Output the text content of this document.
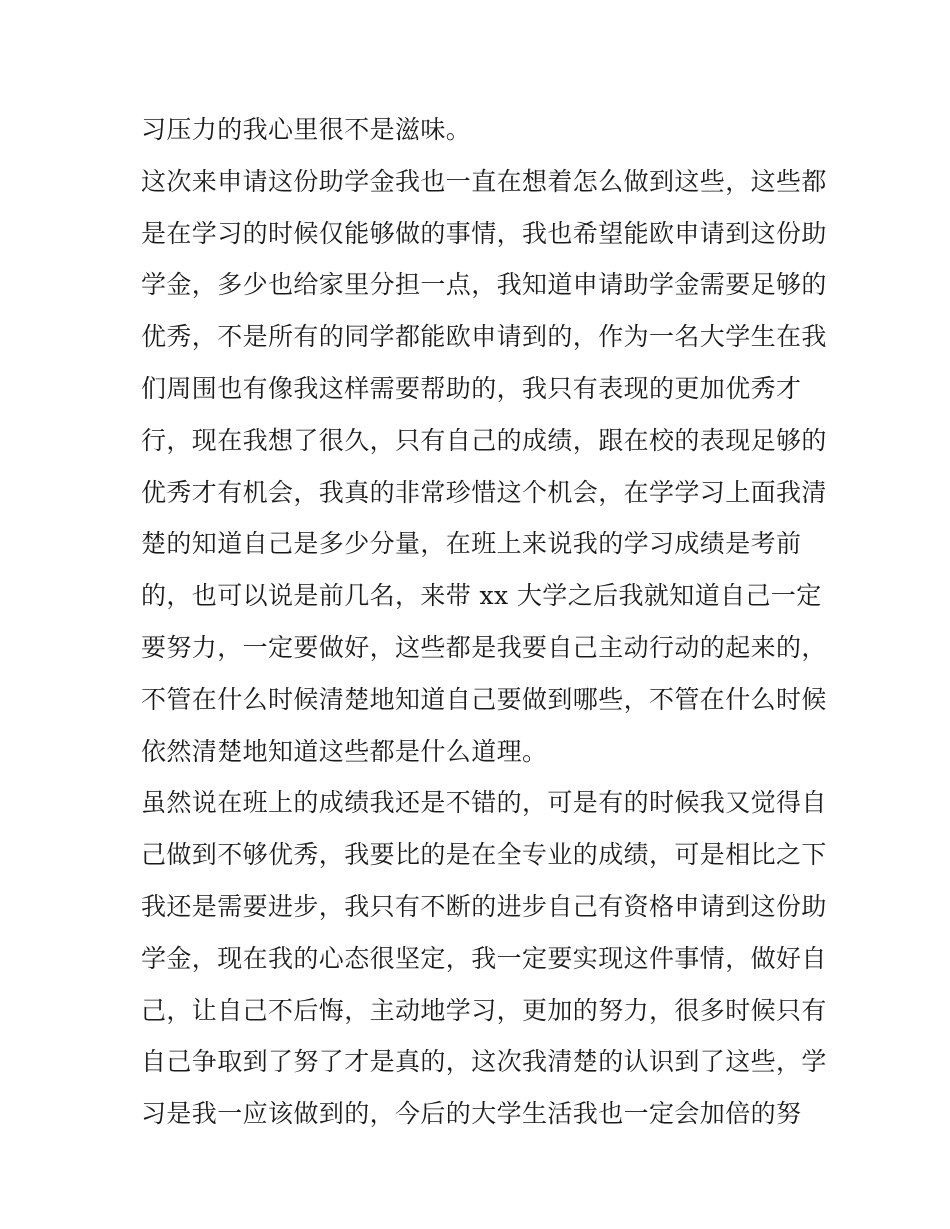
习压力的我心里很不是滋味。
这次来申请这份助学金我也一直在想着怎么做到这些，这些都
是在学习的时候仅能够做的事情，我也希望能欧申请到这份助
学金，多少也给家里分担一点，我知道申请助学金需要足够的
优秀，不是所有的同学都能欧申请到的，作为一名大学生在我
们周围也有像我这样需要帮助的，我只有表现的更加优秀才
行，现在我想了很久，只有自己的成绩，跟在校的表现足够的
优秀才有机会，我真的非常珍惜这个机会，在学学习上面我清
楚的知道自己是多少分量，在班上来说我的学习成绩是考前
的，也可以说是前几名，来带 xx 大学之后我就知道自己一定
要努力，一定要做好，这些都是我要自己主动行动的起来的，
不管在什么时候清楚地知道自己要做到哪些，不管在什么时候
依然清楚地知道这些都是什么道理。
虽然说在班上的成绩我还是不错的，可是有的时候我又觉得自
己做到不够优秀，我要比的是在全专业的成绩，可是相比之下
我还是需要进步，我只有不断的进步自己有资格申请到这份助
学金，现在我的心态很坚定，我一定要实现这件事情，做好自
己，让自己不后悔，主动地学习，更加的努力，很多时候只有
自己争取到了努了才是真的，这次我清楚的认识到了这些，学
习是我一应该做到的，今后的大学生活我也一定会加倍的努
